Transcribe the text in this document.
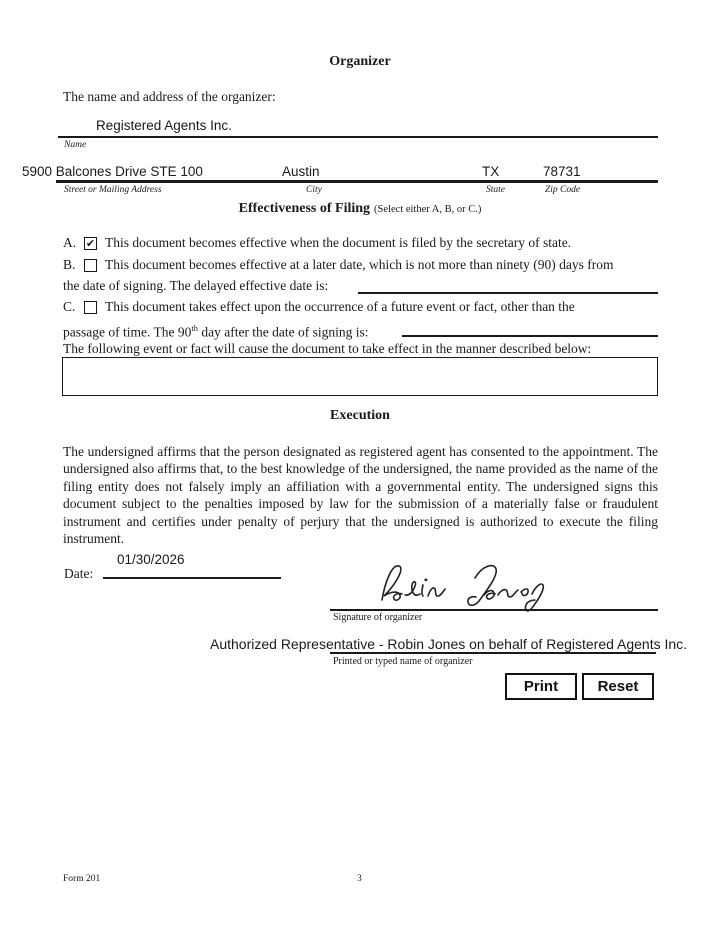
Organizer
The name and address of the organizer:
Registered Agents Inc.
Name
5900 Balcones Drive STE 100	Austin	TX	78731
Street or Mailing Address	City	State	Zip Code
Effectiveness of Filing (Select either A, B, or C.)
A. ✔ This document becomes effective when the document is filed by the secretary of state.
B.	This document becomes effective at a later date, which is not more than ninety (90) days from
the date of signing. The delayed effective date is:
C.	This document takes effect upon the occurrence of a future event or fact, other than the
passage of time. The 90th day after the date of signing is:
The following event or fact will cause the document to take effect in the manner described below:
Execution
The undersigned affirms that the person designated as registered agent has consented to the appointment. The undersigned also affirms that, to the best knowledge of the undersigned, the name provided as the name of the filing entity does not falsely imply an affiliation with a governmental entity. The undersigned signs this document subject to the penalties imposed by law for the submission of a materially false or fraudulent instrument and certifies under penalty of perjury that the undersigned is authorized to execute the filing instrument.
Date:
01/30/2026
Signature of organizer
Authorized Representative - Robin Jones on behalf of Registered Agents Inc.
Printed or typed name of organizer
Print	Reset
Form 201	3
